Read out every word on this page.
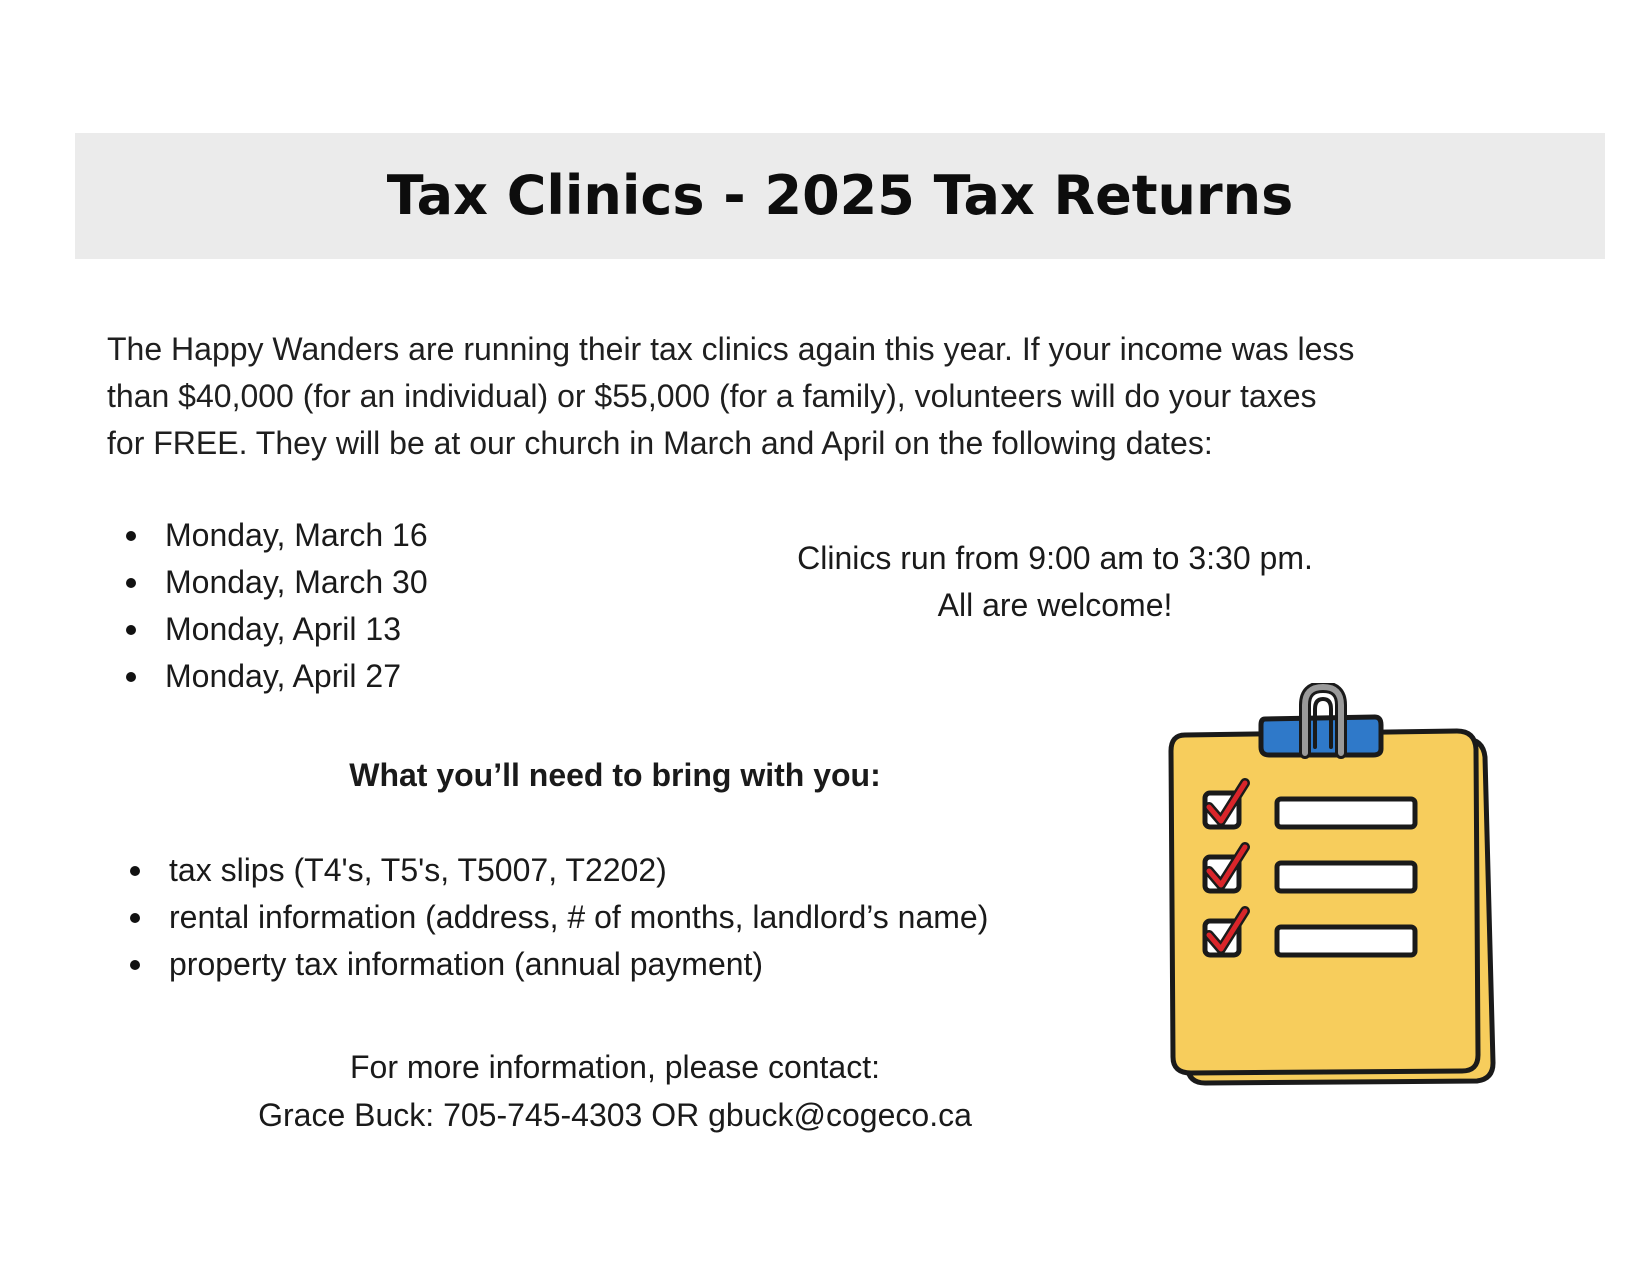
Tax Clinics - 2025 Tax Returns

The Happy Wanders are running their tax clinics again this year. If your income was less

than $40,000 (for an individual) or $55,000 (for a family), volunteers will do your taxes

for FREE. They will be at our church in March and April on the following dates:

Monday, March 16
Monday, March 30
Monday, April 13
Monday, April 27
Clinics run from 9:00 am to 3:30 pm.
All are welcome!
What you’ll need to bring with you:
tax slips (T4's, T5's, T5007, T2202)
rental information (address, # of months, landlord’s name)
property tax information (annual payment)
For more information, please contact:
Grace Buck: 705-745-4303 OR gbuck@cogeco.ca
